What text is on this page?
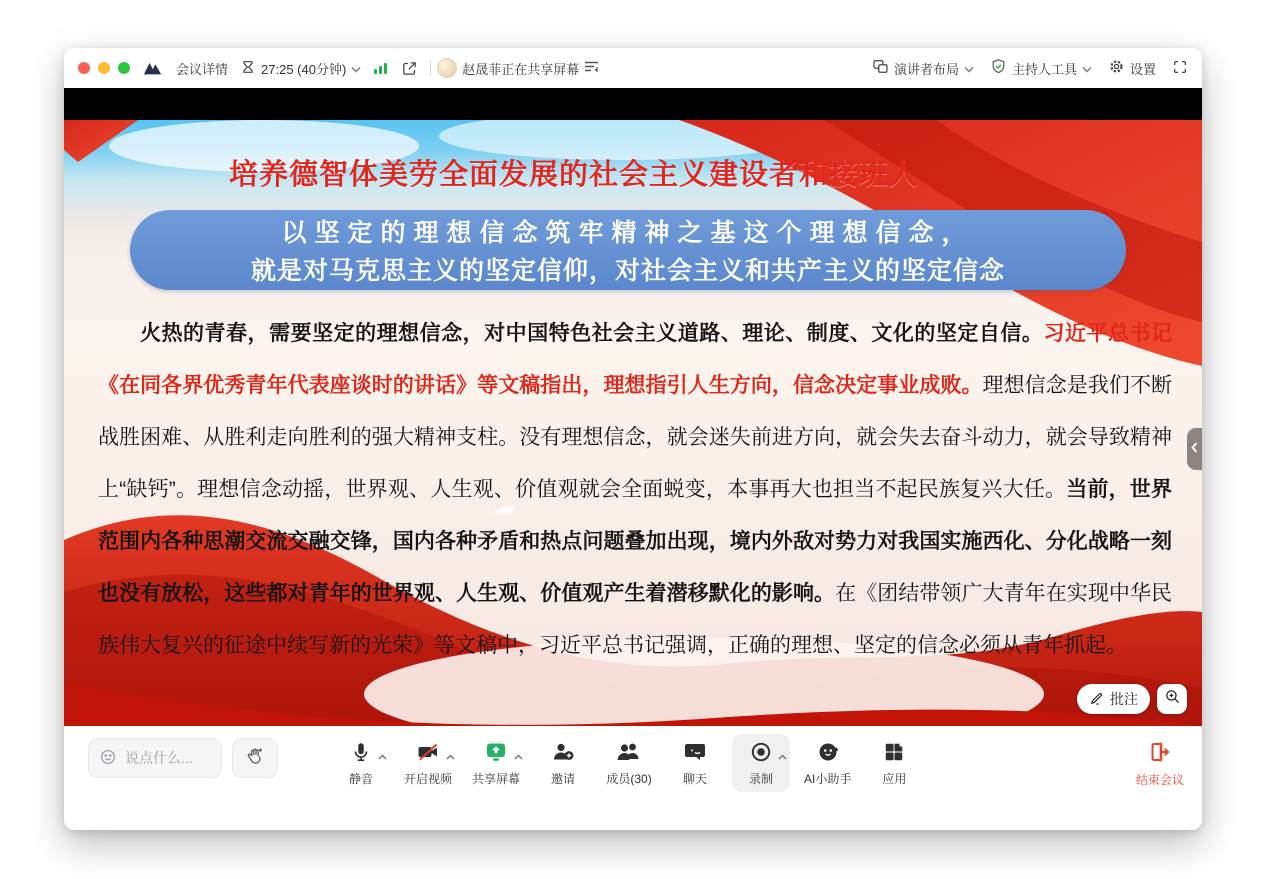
会议详情	27:25 (40分钟)	赵晟菲正在共享屏幕	演讲者布局	主持人工具	设置
培养德智体美劳全面发展的社会主义建设者和接班人
以坚定的理想信念筑牢精神之基这个理想信念，
就是对马克思主义的坚定信仰，对社会主义和共产主义的坚定信念
火热的青春，需要坚定的理想信念，对中国特色社会主义道路、理论、制度、文化的坚定自信。习近平总书记《在同各界优秀青年代表座谈时的讲话》等文稿指出，理想指引人生方向，信念决定事业成败。理想信念是我们不断战胜困难、从胜利走向胜利的强大精神支柱。没有理想信念，就会迷失前进方向，就会失去奋斗动力，就会导致精神上“缺钙”。理想信念动摇，世界观、人生观、价值观就会全面蜕变，本事再大也担当不起民族复兴大任。当前，世界范围内各种思潮交流交融交锋，国内各种矛盾和热点问题叠加出现，境内外敌对势力对我国实施西化、分化战略一刻也没有放松，这些都对青年的世界观、人生观、价值观产生着潜移默化的影响。在《团结带领广大青年在实现中华民族伟大复兴的征途中续写新的光荣》等文稿中，习近平总书记强调，正确的理想、坚定的信念必须从青年抓起。
批注
说点什么...
静音	开启视频 共享屏幕	邀请	成员(30)	聊天	录制	AI小助手	应用	结束会议
